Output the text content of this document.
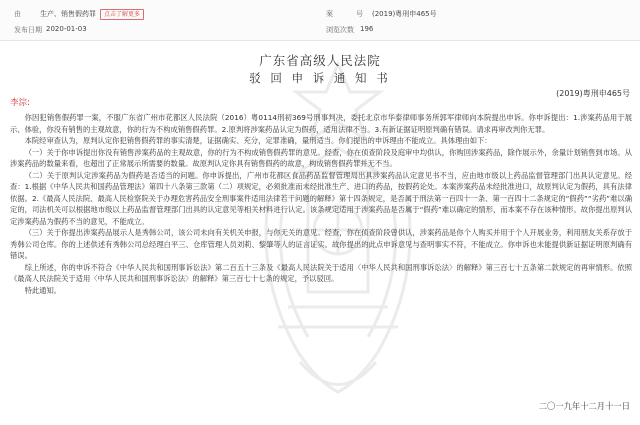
由	生产、销售假药罪 点击了解更多	案	号 (2019)粤刑申465号
发布日期 2020-01-03	浏览次数 196
广东省高级人民法院
驳 回 申 诉 通 知 书
(2019)粤刑申465号
李淙:

你因犯销售假药罪一案，不服广东省广州市花都区人民法院（2016）粤0114刑初369号刑事判决，委托北京市华泰律师事务所郭军律师向本院提出申诉。你申诉提出：1.涉案药品用于展示、体验，你没有销售的主观故意，你的行为不构成销售假药罪。2.原判将涉案药品认定为假药，适用法律不当。3.有新证据证明原判确有错误。请求再审改判你无罪。

本院经审查认为，原判认定你犯销售假药罪的事实清楚，证据确实、充分，定罪准确，量刑适当。你们提出的申诉理由不能成立。具体理由如下：

（一）关于你申诉提出你没有销售涉案药品的主观故意，你的行为不构成销售假药罪的意见。经查，你在侦查阶段及庭审中均供认，你购回涉案药品，除作展示外，余量计划销售到市场。从涉案药品的数量来看，也超出了正常展示所需要的数量。故原判认定你具有销售假药的故意，构成销售假药罪并无不当。

（二）关于原判认定涉案药品为假药是否适当的问题。你申诉提出，广州市花都区食品药品监督管理局出具涉案药品认定意见书不当，应由地市级以上药品监督管理部门出具认定意见。经查：1.根据《中华人民共和国药品管理法》第四十八条第三款第（二）项规定，必须批准而未经批准生产、进口的药品，按假药论处。本案涉案药品未经批准进口，故原判认定为假药，具有法律依据。2.《最高人民法院、最高人民检察院关于办理危害药品安全刑事案件适用法律若干问题的解释》第十四条规定，是否属于刑法第一百四十一条、第一百四十二条规定的“假药”“劣药”难以确定的，司法机关可以根据地市级以上药品监督管理部门出具的认定意见等相关材料进行认定。该条规定适用于涉案药品是否属于“假药”难以确定的情形，而本案不存在该种情形。故你提出原判认定涉案药品为假药不当的意见，不能成立。

（三）关于你提出涉案药品展示人是秀韩公司，该公司未向有关机关申报，与你无关的意见。经查，你在侦查阶段曾供认，涉案药品是你个人购买并用于个人开展业务，利用朋友关系存放于秀韩公司仓库。你的上述供述有秀韩公司总经理白平三、仓库管理人员刘莉、黎肇等人的证言证实。故你提出的此点申诉意见与查明事实不符，不能成立。你申诉也未能提供新证据证明原判确有错误。

综上所述，你的申诉不符合《中华人民共和国刑事诉讼法》第二百五十三条及《最高人民法院关于适用〈中华人民共和国刑事诉讼法〉的解释》第三百七十五条第二款规定的再审情形。依照《最高人民法院关于适用〈中华人民共和国刑事诉讼法〉的解释》第三百七十七条的规定，予以驳回。

特此通知。

二〇一九年十二月十一日
